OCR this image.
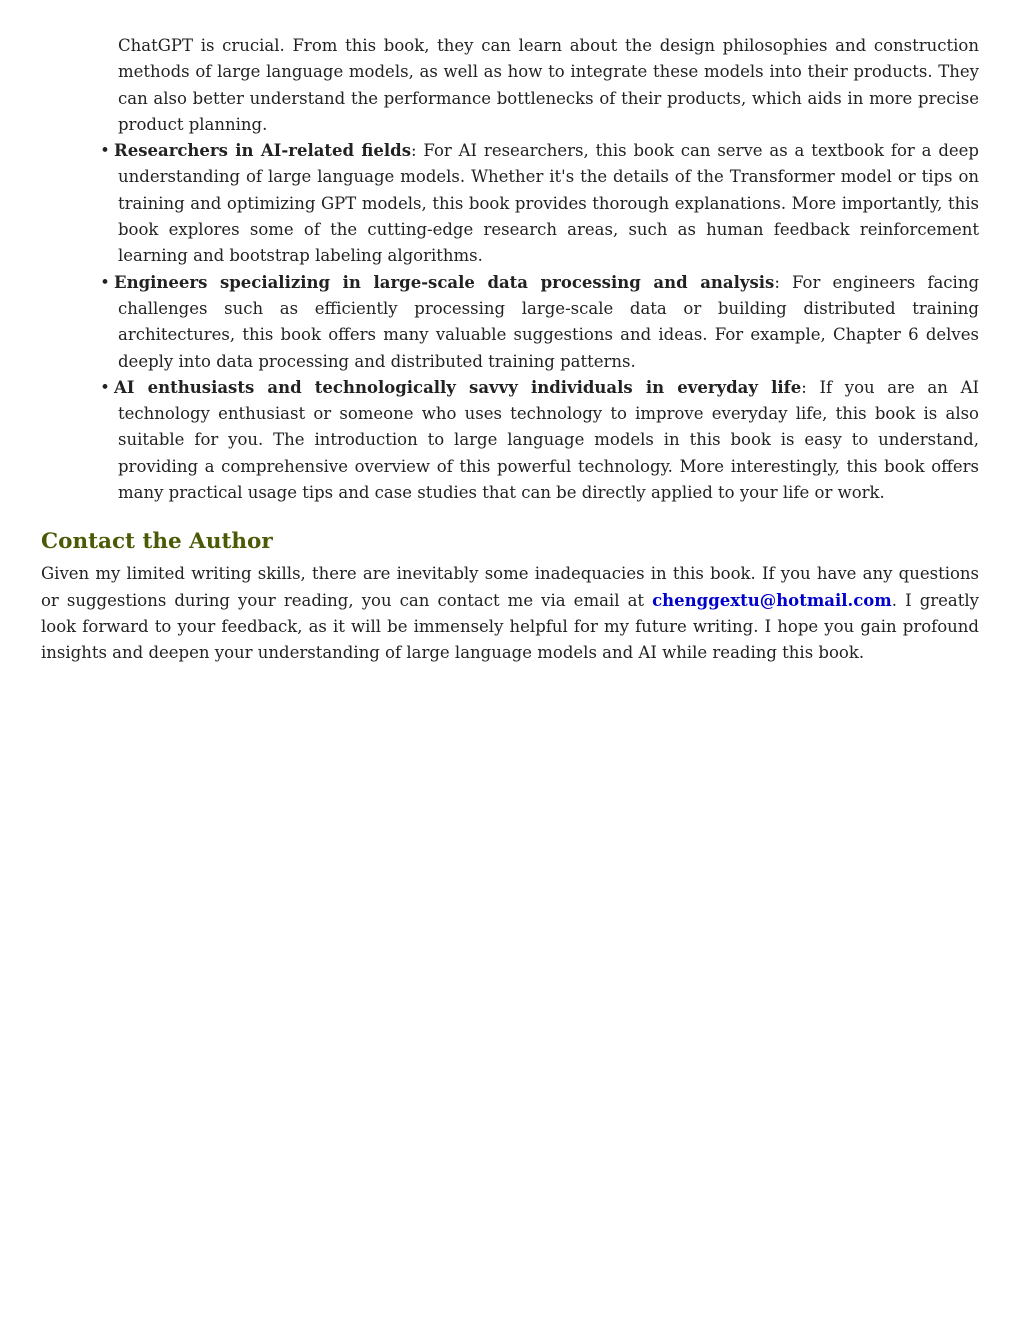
ChatGPT is crucial. From this book, they can learn about the design philosophies and construction methods of large language models, as well as how to integrate these models into their products. They can also better understand the performance bottlenecks of their products, which aids in more precise product planning.

• Researchers in AI-related fields: For AI researchers, this book can serve as a textbook for a deep understanding of large language models. Whether it's the details of the Transformer model or tips on training and optimizing GPT models, this book provides thorough explanations. More importantly, this book explores some of the cutting-edge research areas, such as human feedback reinforcement learning and bootstrap labeling algorithms.
• Engineers specializing in large-scale data processing and analysis: For engineers facing challenges such as efficiently processing large-scale data or building distributed training architectures, this book offers many valuable suggestions and ideas. For example, Chapter 6 delves deeply into data processing and distributed training patterns.
• AI enthusiasts and technologically savvy individuals in everyday life: If you are an AI technology enthusiast or someone who uses technology to improve everyday life, this book is also suitable for you. The introduction to large language models in this book is easy to understand, providing a comprehensive overview of this powerful technology. More interestingly, this book offers many practical usage tips and case studies that can be directly applied to your life or work.
Contact the Author

Given my limited writing skills, there are inevitably some inadequacies in this book. If you have any questions or suggestions during your reading, you can contact me via email at chenggextu@hotmail.com. I greatly look forward to your feedback, as it will be immensely helpful for my future writing. I hope you gain profound insights and deepen your understanding of large language models and AI while reading this book.
